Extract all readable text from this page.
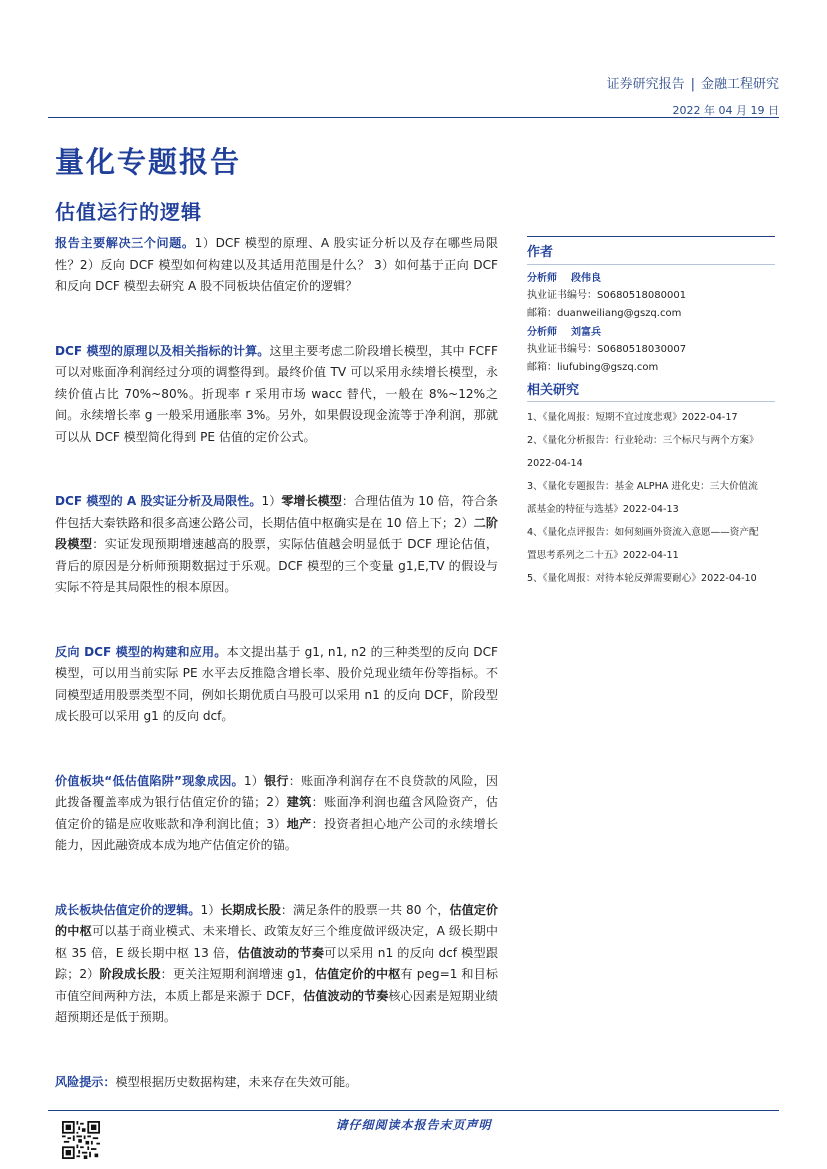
证券研究报告 | 金融工程研究
2022 年 04 月 19 日
量化专题报告
估值运行的逻辑

报告主要解决三个问题。1）DCF 模型的原理、A 股实证分析以及存在哪些局限性？2）反向 DCF 模型如何构建以及其适用范围是什么？ 3）如何基于正向 DCF 和反向 DCF 模型去研究 A 股不同板块估值定价的逻辑？

DCF 模型的原理以及相关指标的计算。这里主要考虑二阶段增长模型，其中 FCFF 可以对账面净利润经过分项的调整得到。最终价值 TV 可以采用永续增长模型，永续价值占比 70%~80%。折现率 r 采用市场 wacc 替代，一般在 8%~12%之间。永续增长率 g 一般采用通胀率 3%。另外，如果假设现金流等于净利润，那就可以从 DCF 模型简化得到 PE 估值的定价公式。

DCF 模型的 A 股实证分析及局限性。1）零增长模型：合理估值为 10 倍，符合条件包括大秦铁路和很多高速公路公司，长期估值中枢确实是在 10 倍上下；2）二阶段模型：实证发现预期增速越高的股票，实际估值越会明显低于 DCF 理论估值，背后的原因是分析师预期数据过于乐观。DCF 模型的三个变量 g1,E,TV 的假设与实际不符是其局限性的根本原因。

反向 DCF 模型的构建和应用。本文提出基于 g1, n1, n2 的三种类型的反向 DCF 模型，可以用当前实际 PE 水平去反推隐含增长率、股价兑现业绩年份等指标。不同模型适用股票类型不同，例如长期优质白马股可以采用 n1 的反向 DCF，阶段型成长股可以采用 g1 的反向 dcf。

价值板块“低估值陷阱”现象成因。1）银行：账面净利润存在不良贷款的风险，因此拨备覆盖率成为银行估值定价的锚；2）建筑：账面净利润也蕴含风险资产，估值定价的锚是应收账款和净利润比值；3）地产：投资者担心地产公司的永续增长能力，因此融资成本成为地产估值定价的锚。

成长板块估值定价的逻辑。1）长期成长股：满足条件的股票一共 80 个，估值定价的中枢可以基于商业模式、未来增长、政策友好三个维度做评级决定，A 级长期中枢 35 倍，E 级长期中枢 13 倍，估值波动的节奏可以采用 n1 的反向 dcf 模型跟踪；2）阶段成长股：更关注短期利润增速 g1，估值定价的中枢有 peg=1 和目标市值空间两种方法，本质上都是来源于 DCF，估值波动的节奏核心因素是短期业绩超预期还是低于预期。

风险提示：模型根据历史数据构建，未来存在失效可能。

作者
分析师 段伟良
执业证书编号：S0680518080001
邮箱：duanweiliang@gszq.com
分析师 刘富兵
执业证书编号：S0680518030007
邮箱：liufubing@gszq.com
相关研究
1、《量化周报：短期不宜过度悲观》2022-04-17
2、《量化分析报告：行业轮动：三个标尺与两个方案》
2022-04-14
3、《量化专题报告：基金 ALPHA 进化史：三大价值流
派基金的特征与选基》2022-04-13
4、《量化点评报告：如何刻画外资流入意愿——资产配
置思考系列之二十五》2022-04-11
5、《量化周报：对待本轮反弹需要耐心》2022-04-10
请仔细阅读本报告末页声明
